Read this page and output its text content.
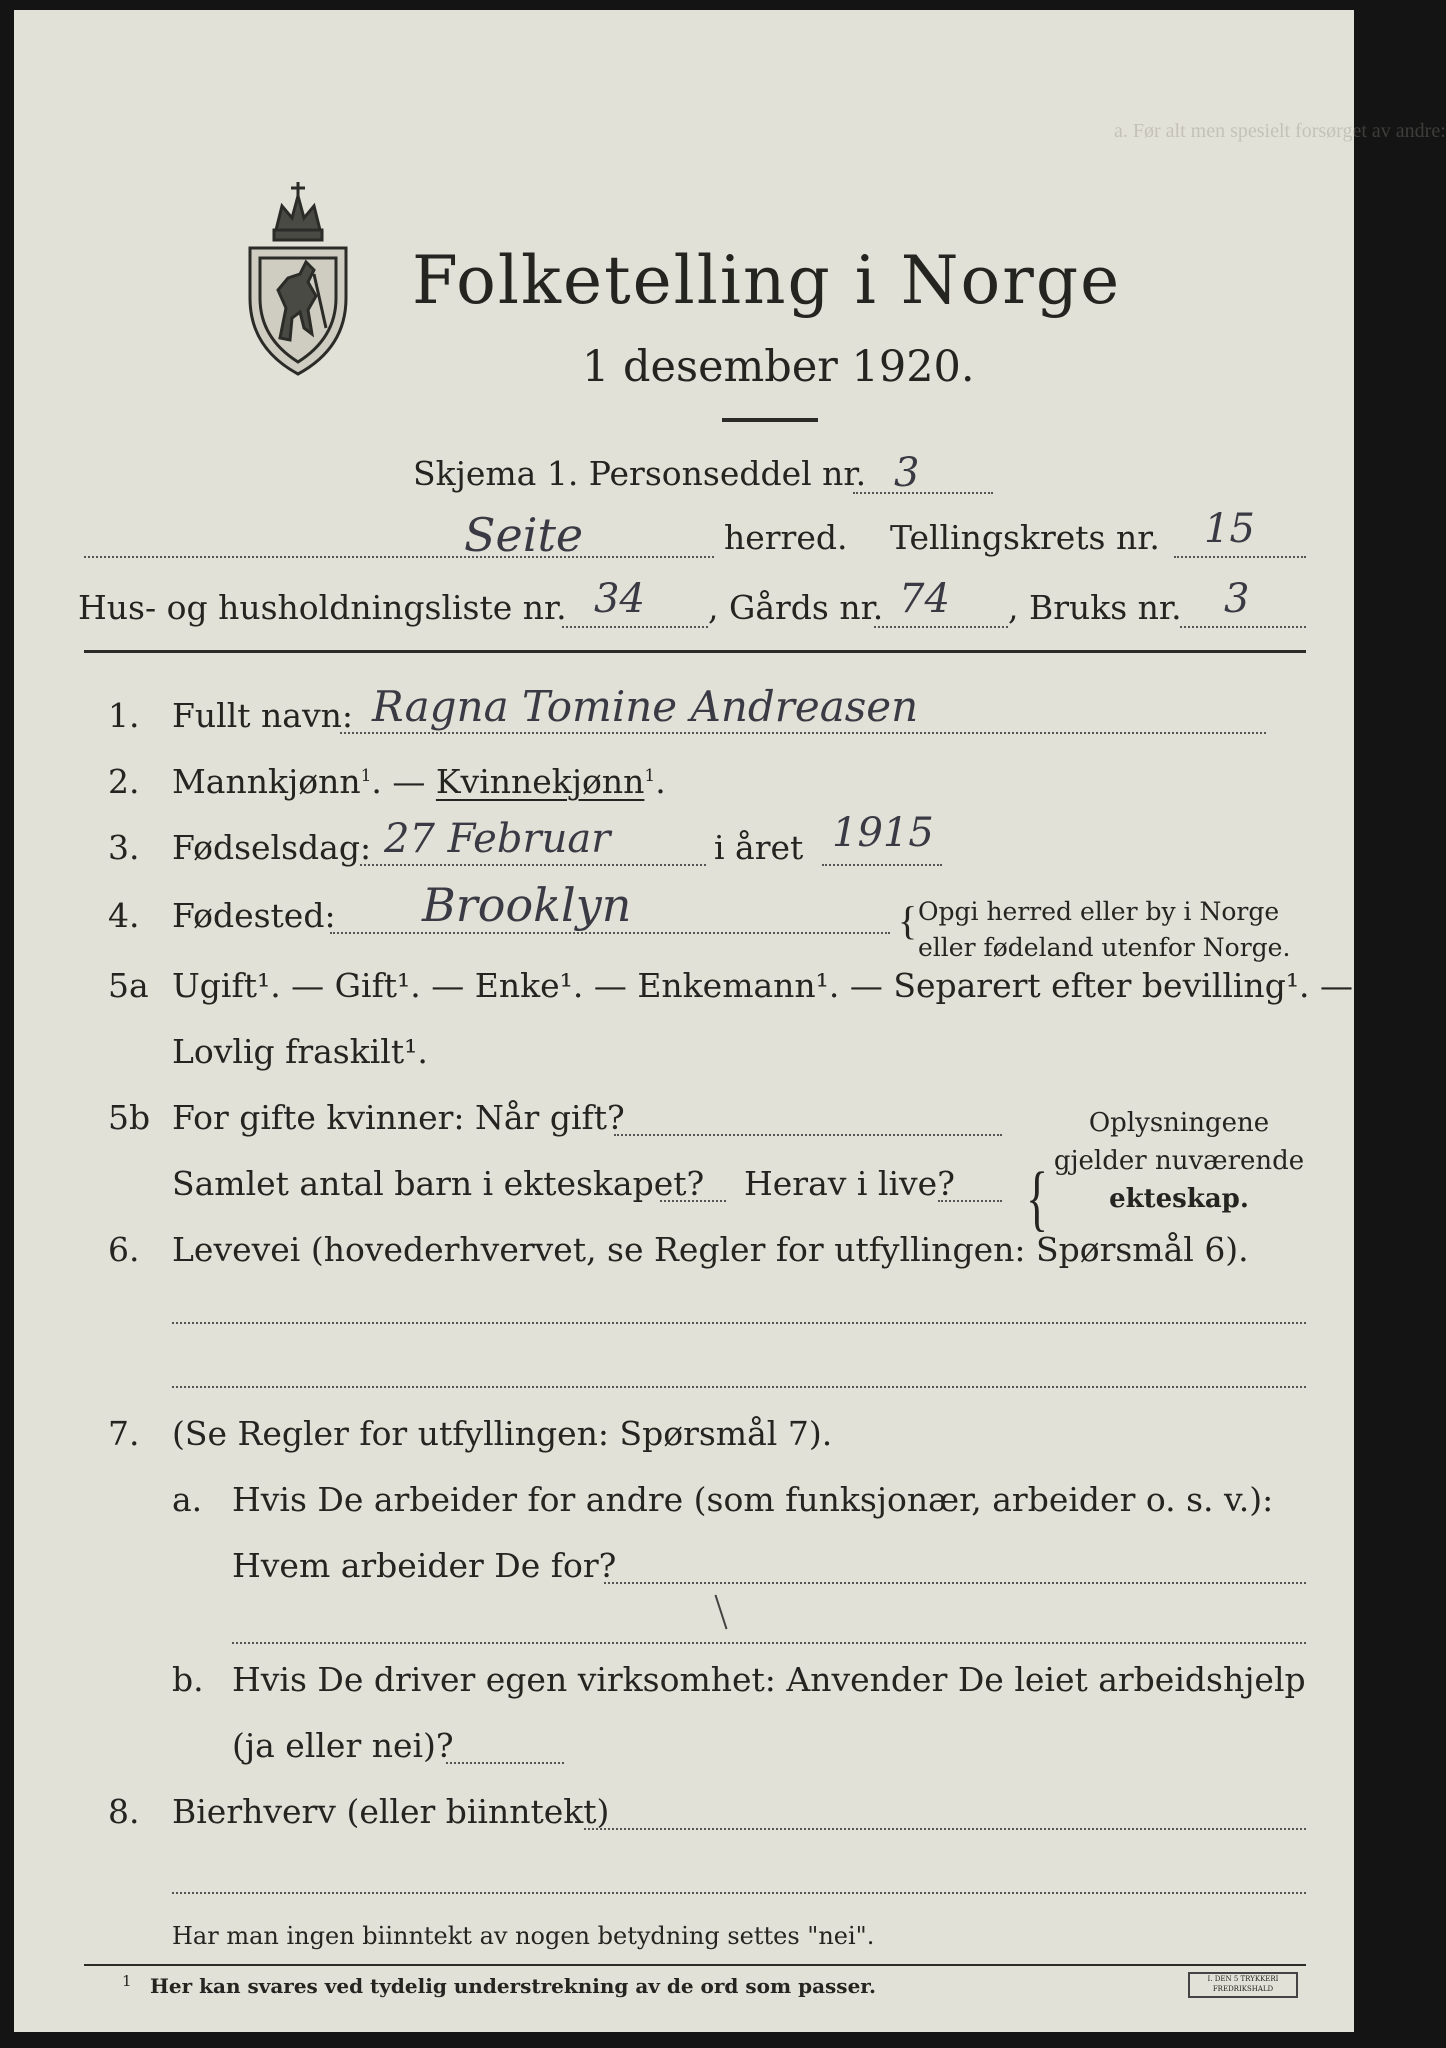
a. Før alt men spesielt forsørget av andre:
Folketelling i Norge
1 desember 1920.
Skjema 1. Personseddel nr. 3
Seite	herred. Tellingskrets nr. 15
Hus- og husholdningsliste nr. 34 , Gårds nr. 74 , Bruks nr. 3
1. Fullt navn: Ragna Tomine Andreasen
2. Mannkjønn$^1$. — Kvinnekjønn$^1$.
3. Fødselsdag: 27 Februar	i året 1915
4. Fødested: Brooklyn	{ Opgi herred eller by i Norge
eller fødeland utenfor Norge.
5a Ugift¹. — Gift¹. — Enke¹. — Enkemann¹. — Separert efter bevilling¹. —
Lovlig fraskilt¹.
5b For gifte kvinner: Når gift?
Samlet antal barn i ekteskapet? Herav i live? {
Oplysningene
gjelder nuværende
ekteskap.
6. Levevei (hovederhvervet, se Regler for utfyllingen: Spørsmål 6).
7. (Se Regler for utfyllingen: Spørsmål 7).
a. Hvis De arbeider for andre (som funksjonær, arbeider o. s. v.):
Hvem arbeider De for?
b. Hvis De driver egen virksomhet: Anvender De leiet arbeidshjelp
(ja eller nei)?
8. Bierhverv (eller biinntekt)
Har man ingen biinntekt av nogen betydning settes "nei".
1 Her kan svares ved tydelig understrekning av de ord som passer.	I. DEN 5 TRYKKERI FREDRIKSHALD
